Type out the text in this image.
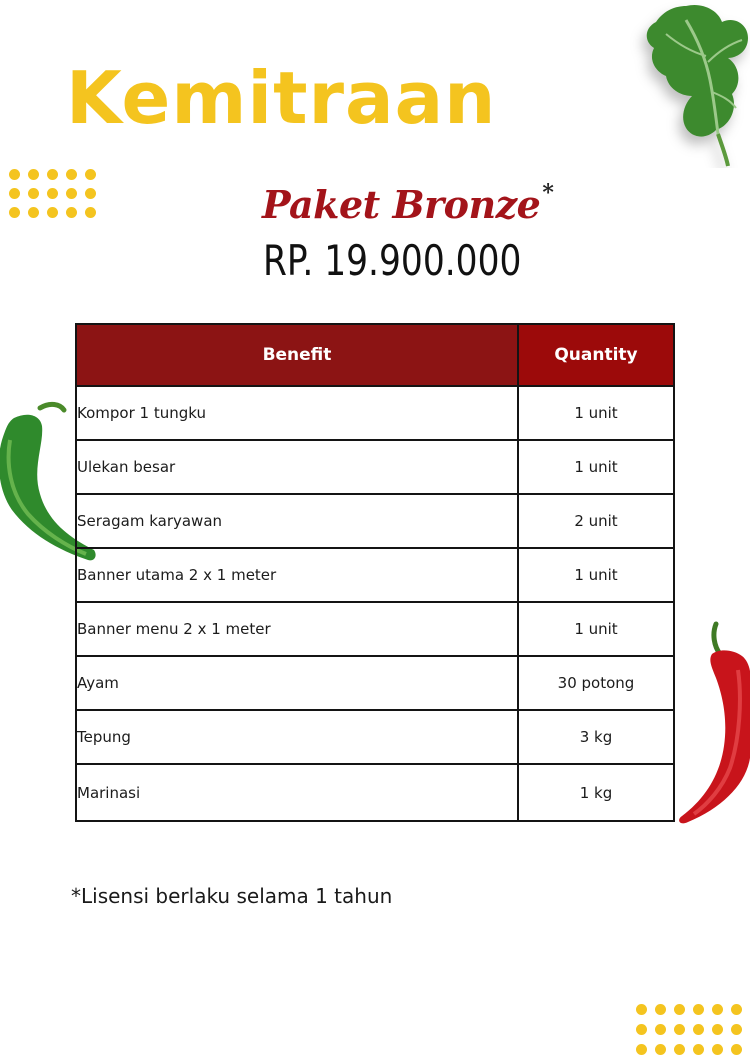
Kemitraan
Paket Bronze*
RP. 19.900.000
Benefit	Quantity
Kompor 1 tungku	1 unit
Ulekan besar	1 unit
Seragam karyawan	2 unit
Banner utama 2 x 1 meter	1 unit
Banner menu 2 x 1 meter	1 unit
Ayam	30 potong
Tepung	3 kg
Marinasi	1 kg
*Lisensi berlaku selama 1 tahun
